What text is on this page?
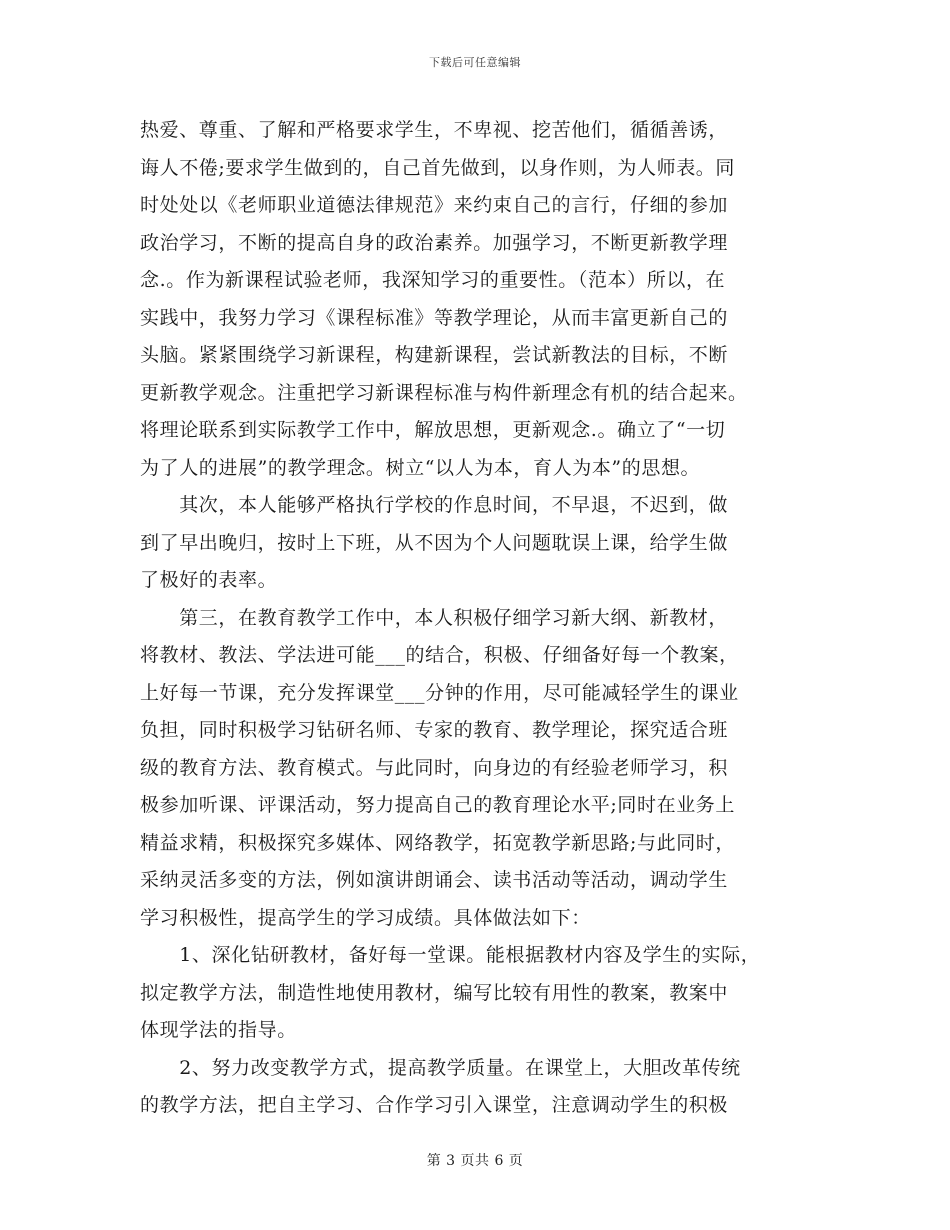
下载后可任意编辑
热爱、尊重、了解和严格要求学生，不卑视、挖苦他们，循循善诱，
诲人不倦;要求学生做到的，自己首先做到，以身作则，为人师表。同
时处处以《老师职业道德法律规范》来约束自己的言行，仔细的参加
政治学习，不断的提高自身的政治素养。加强学习，不断更新教学理
念.。作为新课程试验老师，我深知学习的重要性。（范本）所以，在
实践中，我努力学习《课程标准》等教学理论，从而丰富更新自己的
头脑。紧紧围绕学习新课程，构建新课程，尝试新教法的目标，不断
更新教学观念。注重把学习新课程标准与构件新理念有机的结合起来。
将理论联系到实际教学工作中，解放思想，更新观念.。确立了“一切
为了人的进展”的教学理念。树立“以人为本，育人为本”的思想。
　　其次，本人能够严格执行学校的作息时间，不早退，不迟到，做
到了早出晚归，按时上下班，从不因为个人问题耽误上课，给学生做
了极好的表率。
　　第三，在教育教学工作中，本人积极仔细学习新大纲、新教材，
将教材、教法、学法进可能___的结合，积极、仔细备好每一个教案，
上好每一节课，充分发挥课堂___分钟的作用，尽可能减轻学生的课业
负担，同时积极学习钻研名师、专家的教育、教学理论，探究适合班
级的教育方法、教育模式。与此同时，向身边的有经验老师学习，积
极参加听课、评课活动，努力提高自己的教育理论水平;同时在业务上
精益求精，积极探究多媒体、网络教学，拓宽教学新思路;与此同时，
采纳灵活多变的方法，例如演讲朗诵会、读书活动等活动，调动学生
学习积极性，提高学生的学习成绩。具体做法如下：
　　1、深化钻研教材，备好每一堂课。能根据教材内容及学生的实际，
拟定教学方法，制造性地使用教材，编写比较有用性的教案，教案中
体现学法的指导。
　　2、努力改变教学方式，提高教学质量。在课堂上，大胆改革传统
的教学方法，把自主学习、合作学习引入课堂，注意调动学生的积极
第 3 页共 6 页
